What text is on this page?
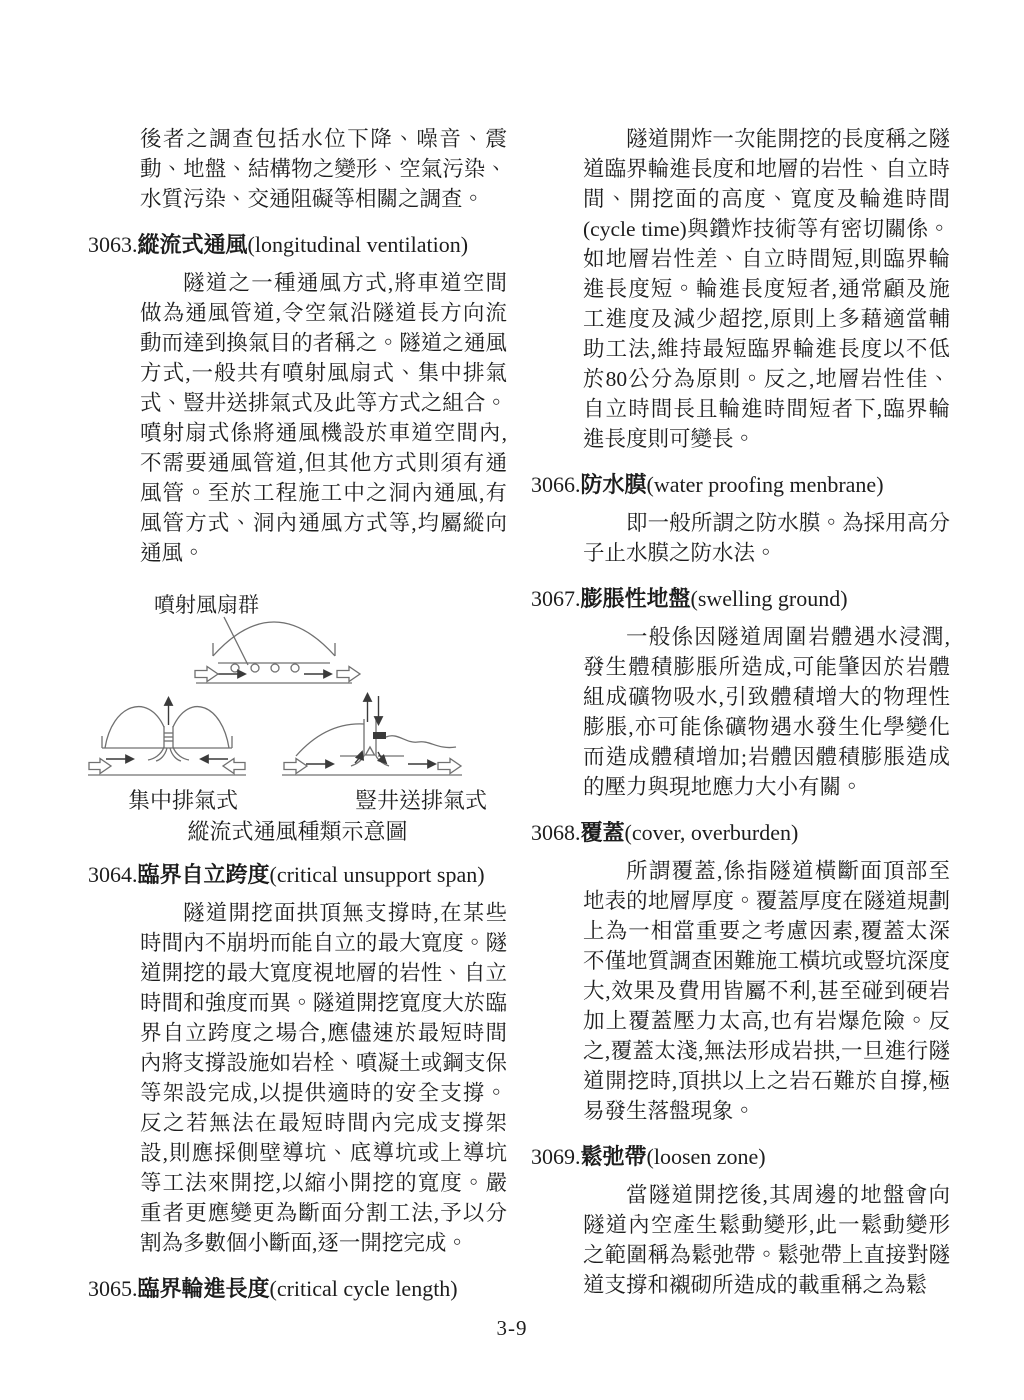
後者之調查包括水位下降、噪音、震動、地盤、結構物之變形、空氣污染、水質污染、交通阻礙等相關之調查。

3063.縱流式通風(longitudinal ventilation)

隧道之一種通風方式,將車道空間做為通風管道,令空氣沿隧道長方向流動而達到換氣目的者稱之。隧道之通風方式,一般共有噴射風扇式、集中排氣式、豎井送排氣式及此等方式之組合。噴射扇式係將通風機設於車道空間內,不需要通風管道,但其他方式則須有通風管。至於工程施工中之洞內通風,有風管方式、洞內通風方式等,均屬縱向通風。

噴射風扇群
集中排氣式	豎井送排氣式
縱流式通風種類示意圖
3064.臨界自立跨度(critical unsupport span)

隧道開挖面拱頂無支撐時,在某些時間內不崩坍而能自立的最大寬度。隧道開挖的最大寬度視地層的岩性、自立時間和強度而異。隧道開挖寬度大於臨界自立跨度之場合,應儘速於最短時間內將支撐設施如岩栓、噴凝土或鋼支保等架設完成,以提供適時的安全支撐。反之若無法在最短時間內完成支撐架設,則應採側壁導坑、底導坑或上導坑等工法來開挖,以縮小開挖的寬度。嚴重者更應變更為斷面分割工法,予以分割為多數個小斷面,逐一開挖完成。

3065.臨界輪進長度(critical cycle length)

隧道開炸一次能開挖的長度稱之隧道臨界輪進長度和地層的岩性、自立時間、開挖面的高度、寬度及輪進時間(cycle time)與鑽炸技術等有密切關係。如地層岩性差、自立時間短,則臨界輪進長度短。輪進長度短者,通常顧及施工進度及減少超挖,原則上多藉適當輔助工法,維持最短臨界輪進長度以不低於80公分為原則。反之,地層岩性佳、自立時間長且輪進時間短者下,臨界輪進長度則可變長。

3066.防水膜(water proofing menbrane)

即一般所謂之防水膜。為採用高分子止水膜之防水法。

3067.膨脹性地盤(swelling ground)

一般係因隧道周圍岩體遇水浸潤,發生體積膨脹所造成,可能肇因於岩體組成礦物吸水,引致體積增大的物理性膨脹,亦可能係礦物遇水發生化學變化而造成體積增加;岩體因體積膨脹造成的壓力與現地應力大小有關。

3068.覆蓋(cover, overburden)

所謂覆蓋,係指隧道橫斷面頂部至地表的地層厚度。覆蓋厚度在隧道規劃上為一相當重要之考慮因素,覆蓋太深不僅地質調查困難施工橫坑或豎坑深度大,效果及費用皆屬不利,甚至碰到硬岩加上覆蓋壓力太高,也有岩爆危險。反之,覆蓋太淺,無法形成岩拱,一旦進行隧道開挖時,頂拱以上之岩石難於自撐,極易發生落盤現象。

3069.鬆弛帶(loosen zone)

當隧道開挖後,其周邊的地盤會向隧道內空產生鬆動變形,此一鬆動變形之範圍稱為鬆弛帶。鬆弛帶上直接對隧道支撐和襯砌所造成的載重稱之為鬆

3-9
